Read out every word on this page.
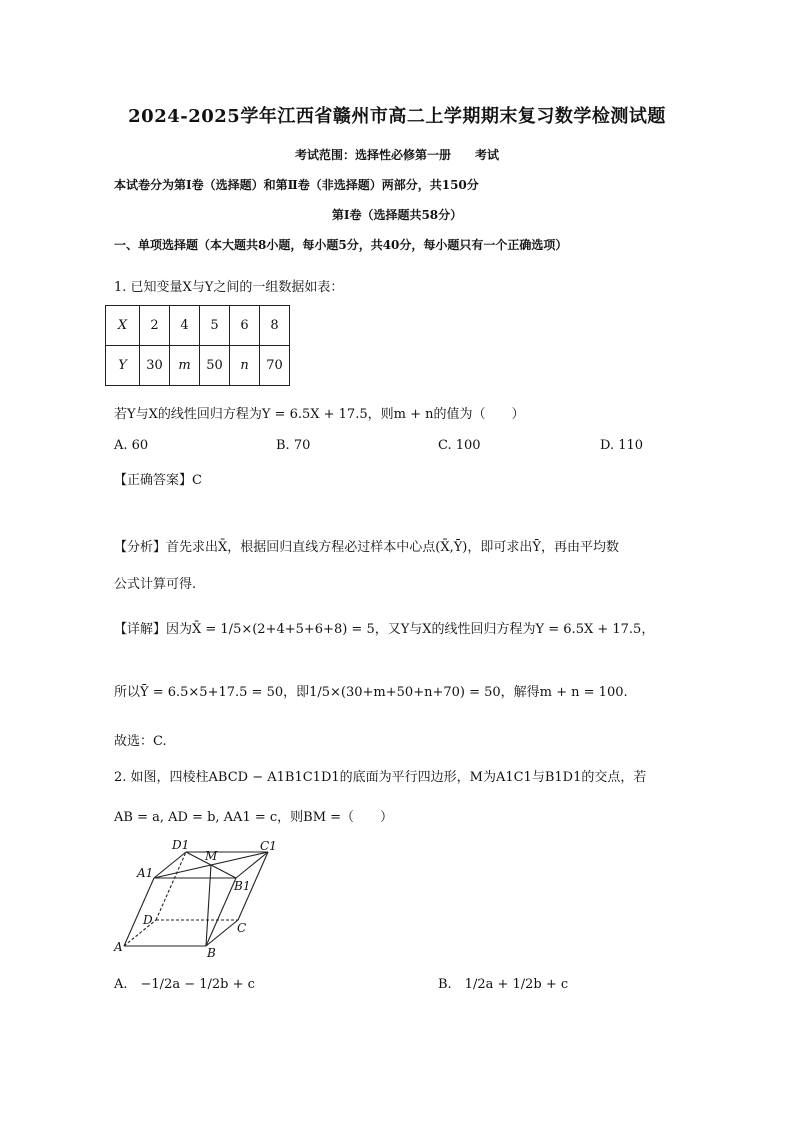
2024-2025学年江西省赣州市高二上学期期末复习数学检测试题
考试范围：选择性必修第一册　　考试
本试卷分为第Ⅰ卷（选择题）和第Ⅱ卷（非选择题）两部分，共150分
第Ⅰ卷（选择题共58分）
一、单项选择题（本大题共8小题，每小题5分，共40分，每小题只有一个正确选项）
1. 已知变量X与Y之间的一组数据如表：
X	2	4	5	6	8
Y	30	m	50	n	70
若Y与X的线性回归方程为Y = 6.5X + 17.5，则m + n的值为（　　）
A. 60	B. 70	C. 100	D. 110
【正确答案】C
【分析】首先求出X̄，根据回归直线方程必过样本中心点(X̄,Ȳ)，即可求出Ȳ，再由平均数
公式计算可得.
【详解】因为X̄ = 1/5×(2+4+5+6+8) = 5，又Y与X的线性回归方程为Y = 6.5X + 17.5，
所以Ȳ = 6.5×5+17.5 = 50，即1/5×(30+m+50+n+70) = 50，解得m + n = 100.
故选：C.
2. 如图，四棱柱ABCD − A1B1C1D1的底面为平行四边形，M为A1C1与B1D1的交点，若
AB = a, AD = b, AA1 = c，则BM =（　　）
D1
M
C1
A1
B1
D
C
A	B
A.　−1/2a − 1/2b + c	B.　1/2a + 1/2b + c
